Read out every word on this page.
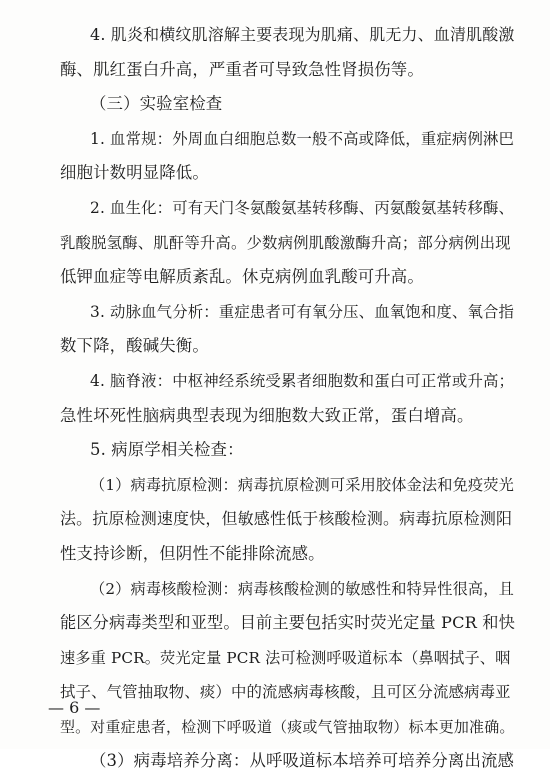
4. 肌炎和横纹肌溶解主要表现为肌痛、肌无力、血清肌酸激
酶、肌红蛋白升高，严重者可导致急性肾损伤等。
（三）实验室检查
1. 血常规：外周血白细胞总数一般不高或降低，重症病例淋巴
细胞计数明显降低。
2. 血生化：可有天门冬氨酸氨基转移酶、丙氨酸氨基转移酶、
乳酸脱氢酶、肌酐等升高。少数病例肌酸激酶升高；部分病例出现
低钾血症等电解质紊乱。休克病例血乳酸可升高。
3. 动脉血气分析：重症患者可有氧分压、血氧饱和度、氧合指
数下降，酸碱失衡。
4. 脑脊液：中枢神经系统受累者细胞数和蛋白可正常或升高；
急性坏死性脑病典型表现为细胞数大致正常，蛋白增高。
5. 病原学相关检查：
（1）病毒抗原检测：病毒抗原检测可采用胶体金法和免疫荧光
法。抗原检测速度快，但敏感性低于核酸检测。病毒抗原检测阳
性支持诊断，但阴性不能排除流感。
（2）病毒核酸检测：病毒核酸检测的敏感性和特异性很高，且
能区分病毒类型和亚型。目前主要包括实时荧光定量 PCR 和快
速多重 PCR。荧光定量 PCR 法可检测呼吸道标本（鼻咽拭子、咽
拭子、气管抽取物、痰）中的流感病毒核酸，且可区分流感病毒亚
型。对重症患者，检测下呼吸道（痰或气管抽取物）标本更加准确。
（3）病毒培养分离：从呼吸道标本培养可培养分离出流感
— 6 —
